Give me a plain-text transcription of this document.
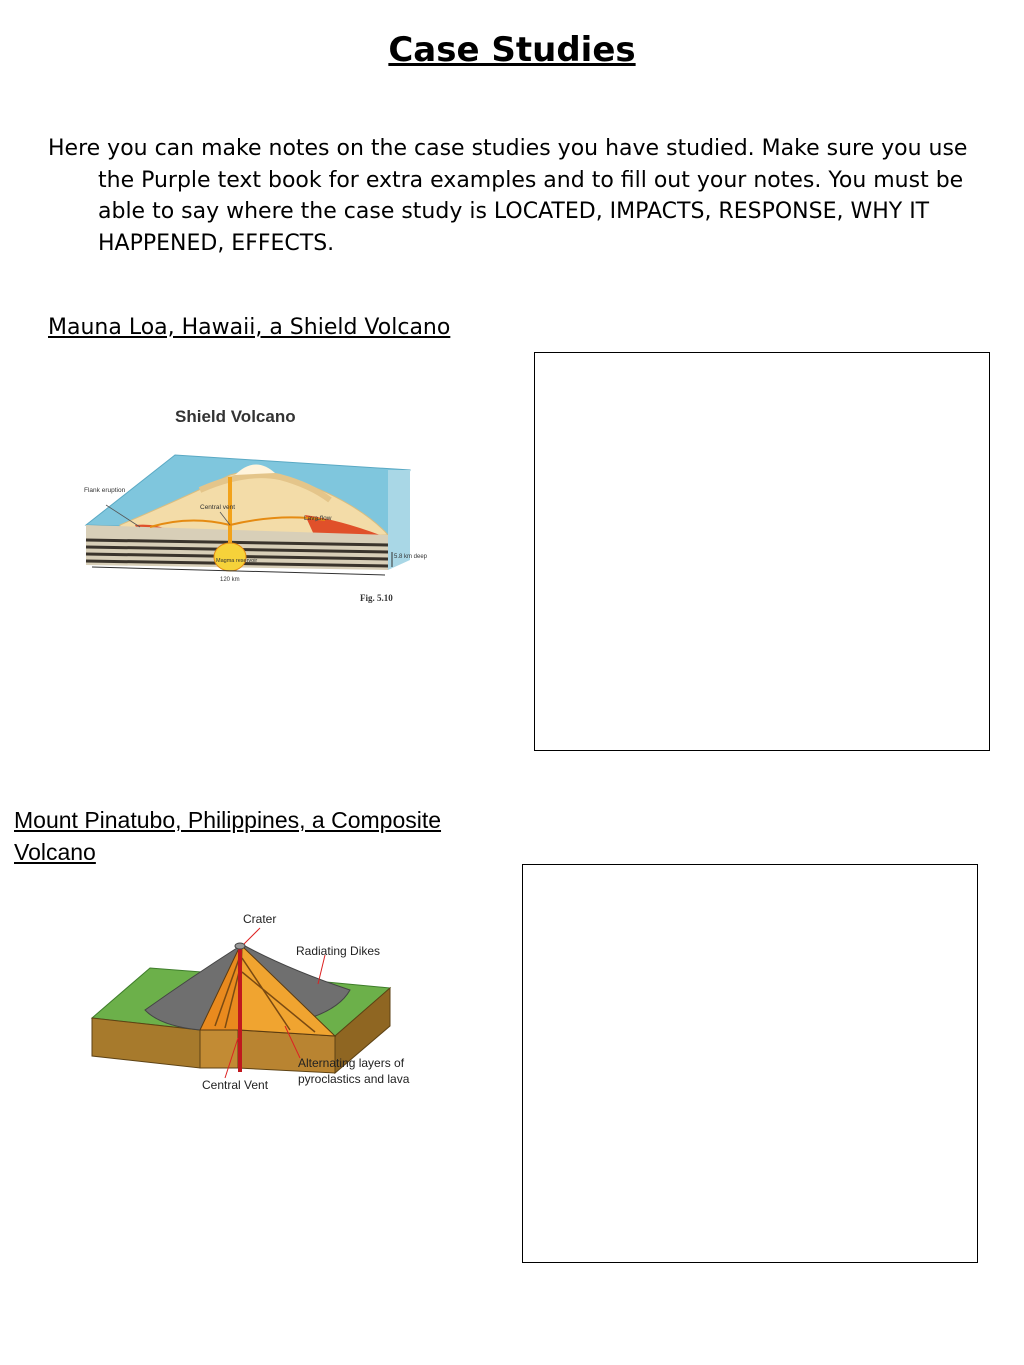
Case Studies
Here you can make notes on the case studies you have studied. Make sure you use the Purple text book for extra examples and to fill out your notes. You must be able to say where the case study is LOCATED, IMPACTS, RESPONSE, WHY IT HAPPENED, EFFECTS.
Mauna Loa, Hawaii, a Shield Volcano
Shield Volcano
Flank eruption
Central vent
Lava flow
5.8 km deep
Magma reservoir
120 km
Fig. 5.10
Mount Pinatubo, Philippines, a Composite Volcano
Crater
Radiating Dikes
Alternating layers of pyroclastics and lava
Central Vent
